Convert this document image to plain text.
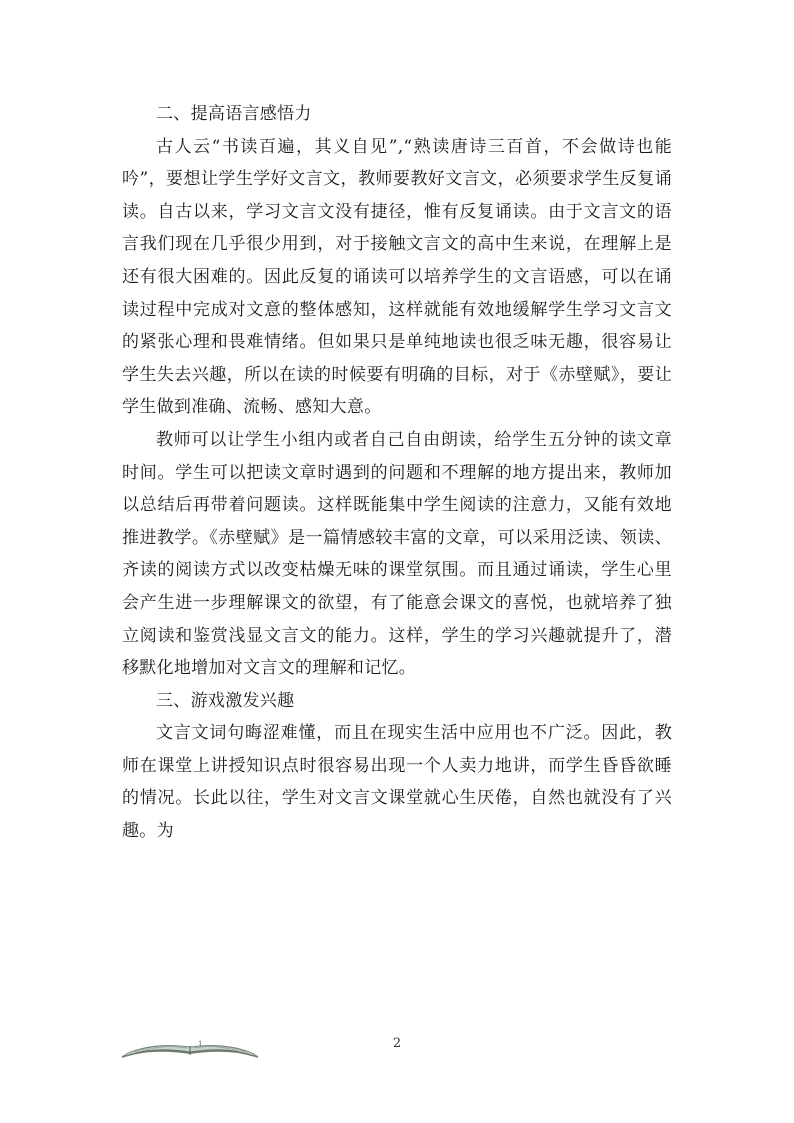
二、提高语言感悟力

古人云“书读百遍，其义自见”,“熟读唐诗三百首，不会做诗也能吟”，要想让学生学好文言文，教师要教好文言文，必须要求学生反复诵读。自古以来，学习文言文没有捷径，惟有反复诵读。由于文言文的语言我们现在几乎很少用到，对于接触文言文的高中生来说，在理解上是还有很大困难的。因此反复的诵读可以培养学生的文言语感，可以在诵读过程中完成对文意的整体感知，这样就能有效地缓解学生学习文言文的紧张心理和畏难情绪。但如果只是单纯地读也很乏味无趣，很容易让学生失去兴趣，所以在读的时候要有明确的目标，对于《赤壁赋》，要让学生做到准确、流畅、感知大意。

教师可以让学生小组内或者自己自由朗读，给学生五分钟的读文章时间。学生可以把读文章时遇到的问题和不理解的地方提出来，教师加以总结后再带着问题读。这样既能集中学生阅读的注意力，又能有效地推进教学。《赤壁赋》是一篇情感较丰富的文章，可以采用泛读、领读、齐读的阅读方式以改变枯燥无味的课堂氛围。而且通过诵读，学生心里会产生进一步理解课文的欲望，有了能意会课文的喜悦，也就培养了独立阅读和鉴赏浅显文言文的能力。这样，学生的学习兴趣就提升了，潜移默化地增加对文言文的理解和记忆。

三、游戏激发兴趣

文言文词句晦涩难懂，而且在现实生活中应用也不广泛。因此，教师在课堂上讲授知识点时很容易出现一个人卖力地讲，而学生昏昏欲睡的情况。长此以往，学生对文言文课堂就心生厌倦，自然也就没有了兴趣。为

1	2
